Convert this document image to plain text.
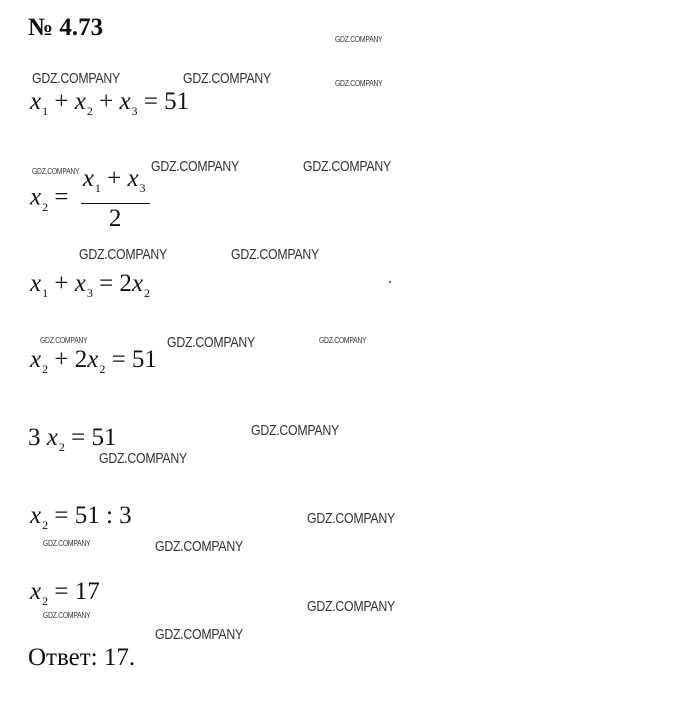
№ 4.73
$x_1 + x_2 + x_3 = 51$
$x_2 = \frac{x_1 + x_3}{2}$
$x_1 + x_3 = 2x_2$
$x_2 + 2x_2 = 51$
3 $x_2 = 51$
$x_2 = 51$ : 3
$x_2 = 17$
Ответ: 17.
GDZ.COMPANY	GDZ.COMPANY
GDZ.COMPANY	GDZ.COMPANY
GDZ.COMPANY	GDZ.COMPANY
GDZ.COMPANY
GDZ.COMPANY
GDZ.COMPANY
GDZ.COMPANY
GDZ.COMPANY
GDZ.COMPANY
GDZ.COMPANY
GDZ.COMPANY
GDZ.COMPANY
GDZ.COMPANY
GDZ.COMPANY	GDZ.COMPANY
GDZ.COMPANY
GDZ.COMPANY
